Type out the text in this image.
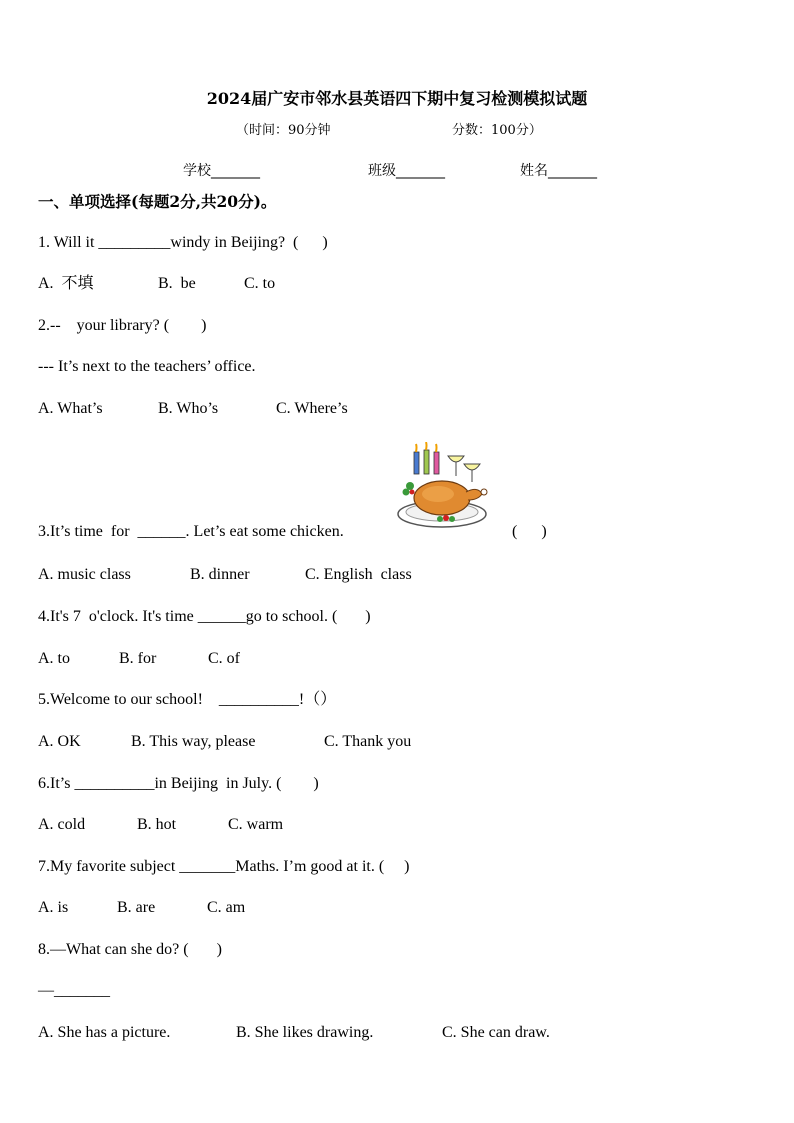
2024届广安市邻水县英语四下期中复习检测模拟试题
（时间：90分钟	分数：100分）
学校_______	班级_______	姓名_______
一、单项选择(每题2分,共20分)。
1. Will it _________windy in Beijing?  (      )
A.  不填	B.  be	C. to
2.--    your library? (        )
--- It’s next to the teachers’ office.
A. What’s	B. Who’s	C. Where’s
3.It’s time  for  ______. Let’s eat some chicken.	(      )
A. music class	B. dinner	C. English  class
4.It's 7  o'clock. It's time ______go to school. (       )
A. to	B. for	C. of
5.Welcome to our school!    __________!（）
A. OK	B. This way, please	C. Thank you
6.It’s __________in Beijing  in July. (        )
A. cold	B. hot	C. warm
7.My favorite subject _______Maths. I’m good at it. (     )
A. is	B. are	C. am
8.—What can she do? (       )
—_______
A. She has a picture.	B. She likes drawing.	C. She can draw.
